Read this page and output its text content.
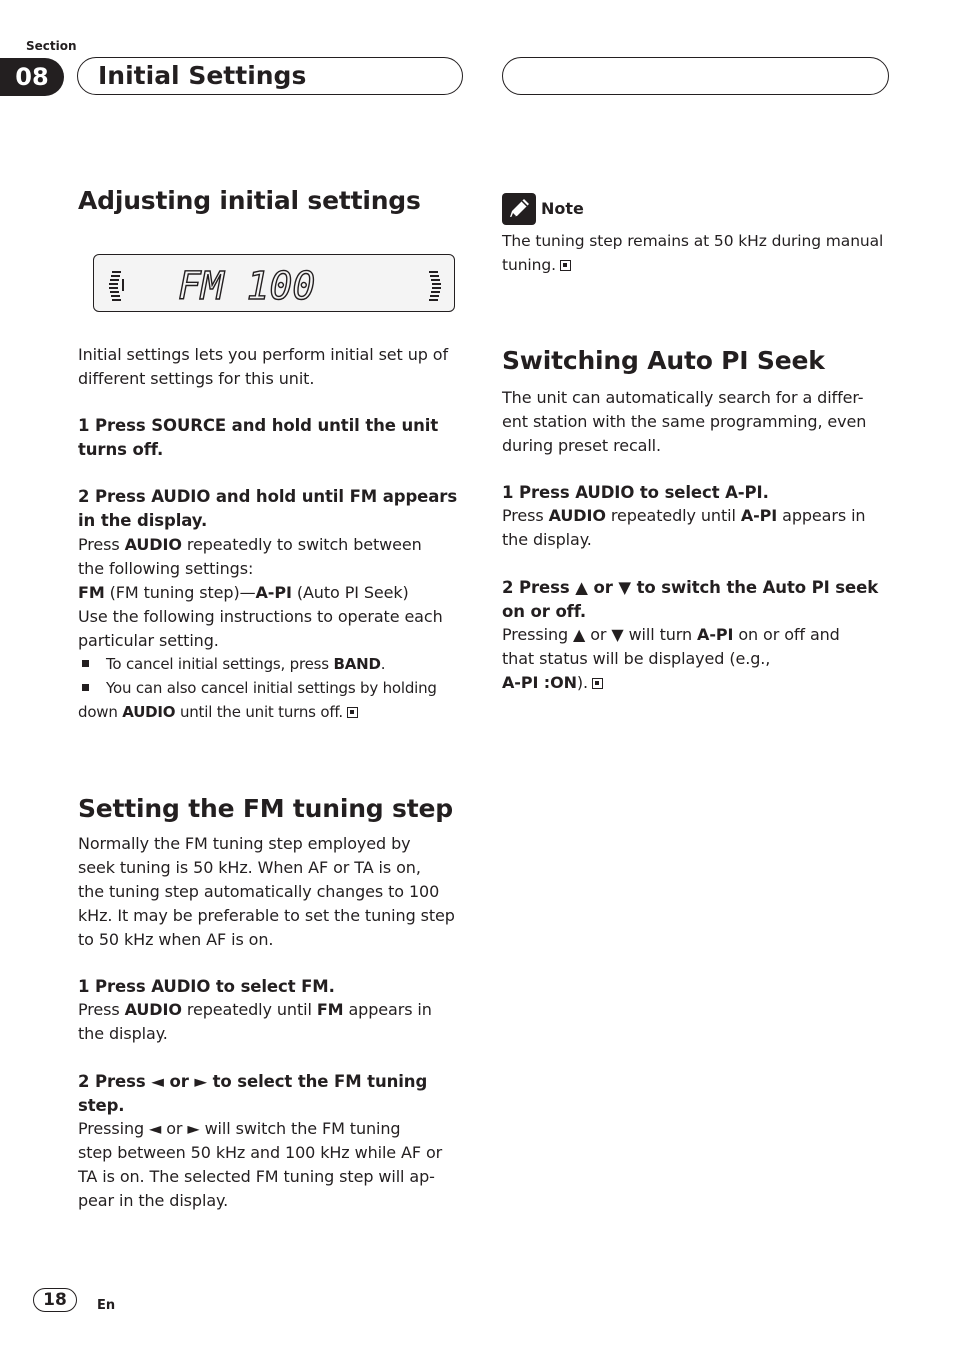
Section
08	Initial Settings
Adjusting initial settings
FM 100

Initial settings lets you perform initial set up of
different settings for this unit.

1 Press SOURCE and hold until the unit
turns off.

2 Press AUDIO and hold until FM appears
in the display.

Press AUDIO repeatedly to switch between
the following settings:
FM (FM tuning step)—A-PI (Auto PI Seek)
Use the following instructions to operate each
particular setting.

To cancel initial settings, press BAND.
You can also cancel initial settings by holding
down AUDIO until the unit turns off.

Setting the FM tuning step

Normally the FM tuning step employed by
seek tuning is 50 kHz. When AF or TA is on,
the tuning step automatically changes to 100
kHz. It may be preferable to set the tuning step
to 50 kHz when AF is on.

1 Press AUDIO to select FM.

Press AUDIO repeatedly until FM appears in
the display.

2 Press ◄ or ► to select the FM tuning
step.

Pressing ◄ or ► will switch the FM tuning
step between 50 kHz and 100 kHz while AF or
TA is on. The selected FM tuning step will ap-
pear in the display.

Note

The tuning step remains at 50 kHz during manual
tuning.

Switching Auto PI Seek

The unit can automatically search for a differ-
ent station with the same programming, even
during preset recall.

1 Press AUDIO to select A-PI.

Press AUDIO repeatedly until A-PI appears in
the display.

2 Press ▲ or ▼ to switch the Auto PI seek
on or off.

Pressing ▲ or ▼ will turn A-PI on or off and
that status will be displayed (e.g.,
A-PI :ON).

18	En
